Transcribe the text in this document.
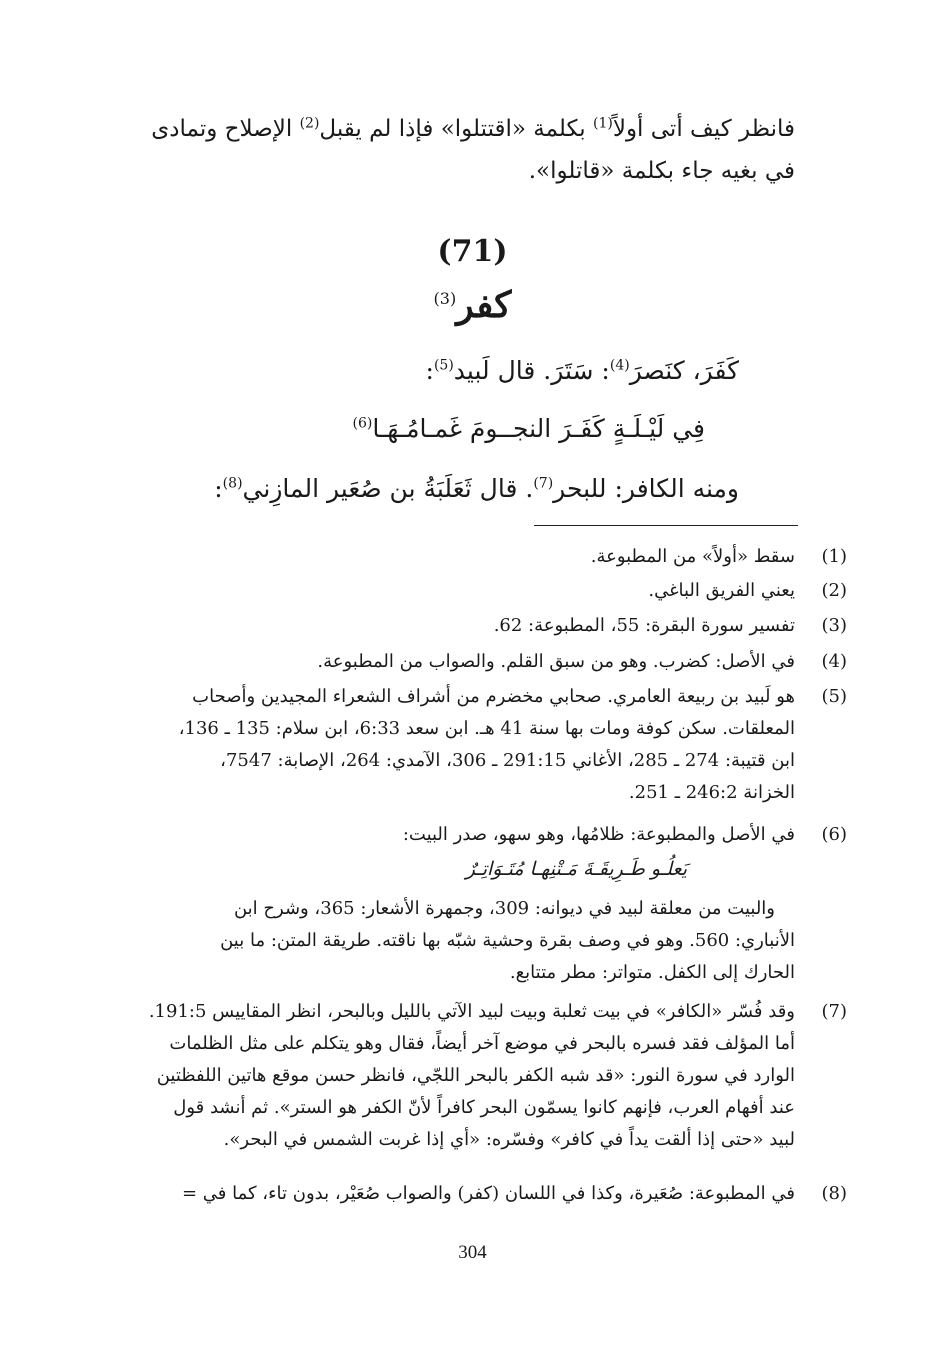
فانظر كيف أتى أولاً$^{(1)}$ بكلمة «اقتتلوا» فإذا لم يقبل$^{(2)}$ الإصلاح وتمادى
في بغيه جاء بكلمة «قاتلوا».
(71)
كفر$^{(3)}$
كَفَرَ، كنَصرَ$^{(4)}$: سَتَرَ. قال لَبيد$^{(5)}$:
فِي لَيْـلَـةٍ كَفَـرَ النجــومَ غَمـامُـهَـا$^{(6)}$
ومنه الكافر: للبحر$^{(7)}$. قال ثَعَلَبَةُ بن صُعَير المازِني$^{(8)}$:
(1)
سقط «أولاً» من المطبوعة.
(2)
يعني الفريق الباغي.
(3)
تفسير سورة البقرة: 55، المطبوعة: 62.
(4)
في الأصل: كضرب. وهو من سبق القلم. والصواب من المطبوعة.
(5)
هو لَبيد بن ربيعة العامري. صحابي مخضرم من أشراف الشعراء المجيدين وأصحاب
المعلقات. سكن كوفة ومات بها سنة 41 هـ. ابن سعد 6:33، ابن سلام: 135 ـ 136،
ابن قتيبة: 274 ـ 285، الأغاني 291:15 ـ 306، الآمدي: 264، الإصابة: 7547،
الخزانة 246:2 ـ 251.
(6)
في الأصل والمطبوعة: ظلامُها، وهو سهو، صدر البيت:
يَعلُـو طَـرِيقَـةَ مَـتْنِهـا مُتَـوَاتِـرٌ
والبيت من معلقة لبيد في ديوانه: 309، وجمهرة الأشعار: 365، وشرح ابن
الأنباري: 560. وهو في وصف بقرة وحشية شبّه بها ناقته. طريقة المتن: ما بين
الحارك إلى الكفل. متواتر: مطر متتابع.
(7)
وقد فُسّر «الكافر» في بيت ثعلبة وبيت لبيد الآتي بالليل وبالبحر، انظر المقاييس 191:5.
أما المؤلف فقد فسره بالبحر في موضع آخر أيضاً، فقال وهو يتكلم على مثل الظلمات
الوارد في سورة النور: «قد شبه الكفر بالبحر اللجّي، فانظر حسن موقع هاتين اللفظتين
عند أفهام العرب، فإنهم كانوا يسمّون البحر كافراً لأنّ الكفر هو الستر». ثم أنشد قول
لبيد «حتى إذا ألقت يداً في كافر» وفسّره: «أي إذا غربت الشمس في البحر».
(8)
في المطبوعة: صُعَيرة، وكذا في اللسان (كفر) والصواب صُعَيْر، بدون تاء، كما في =
304
